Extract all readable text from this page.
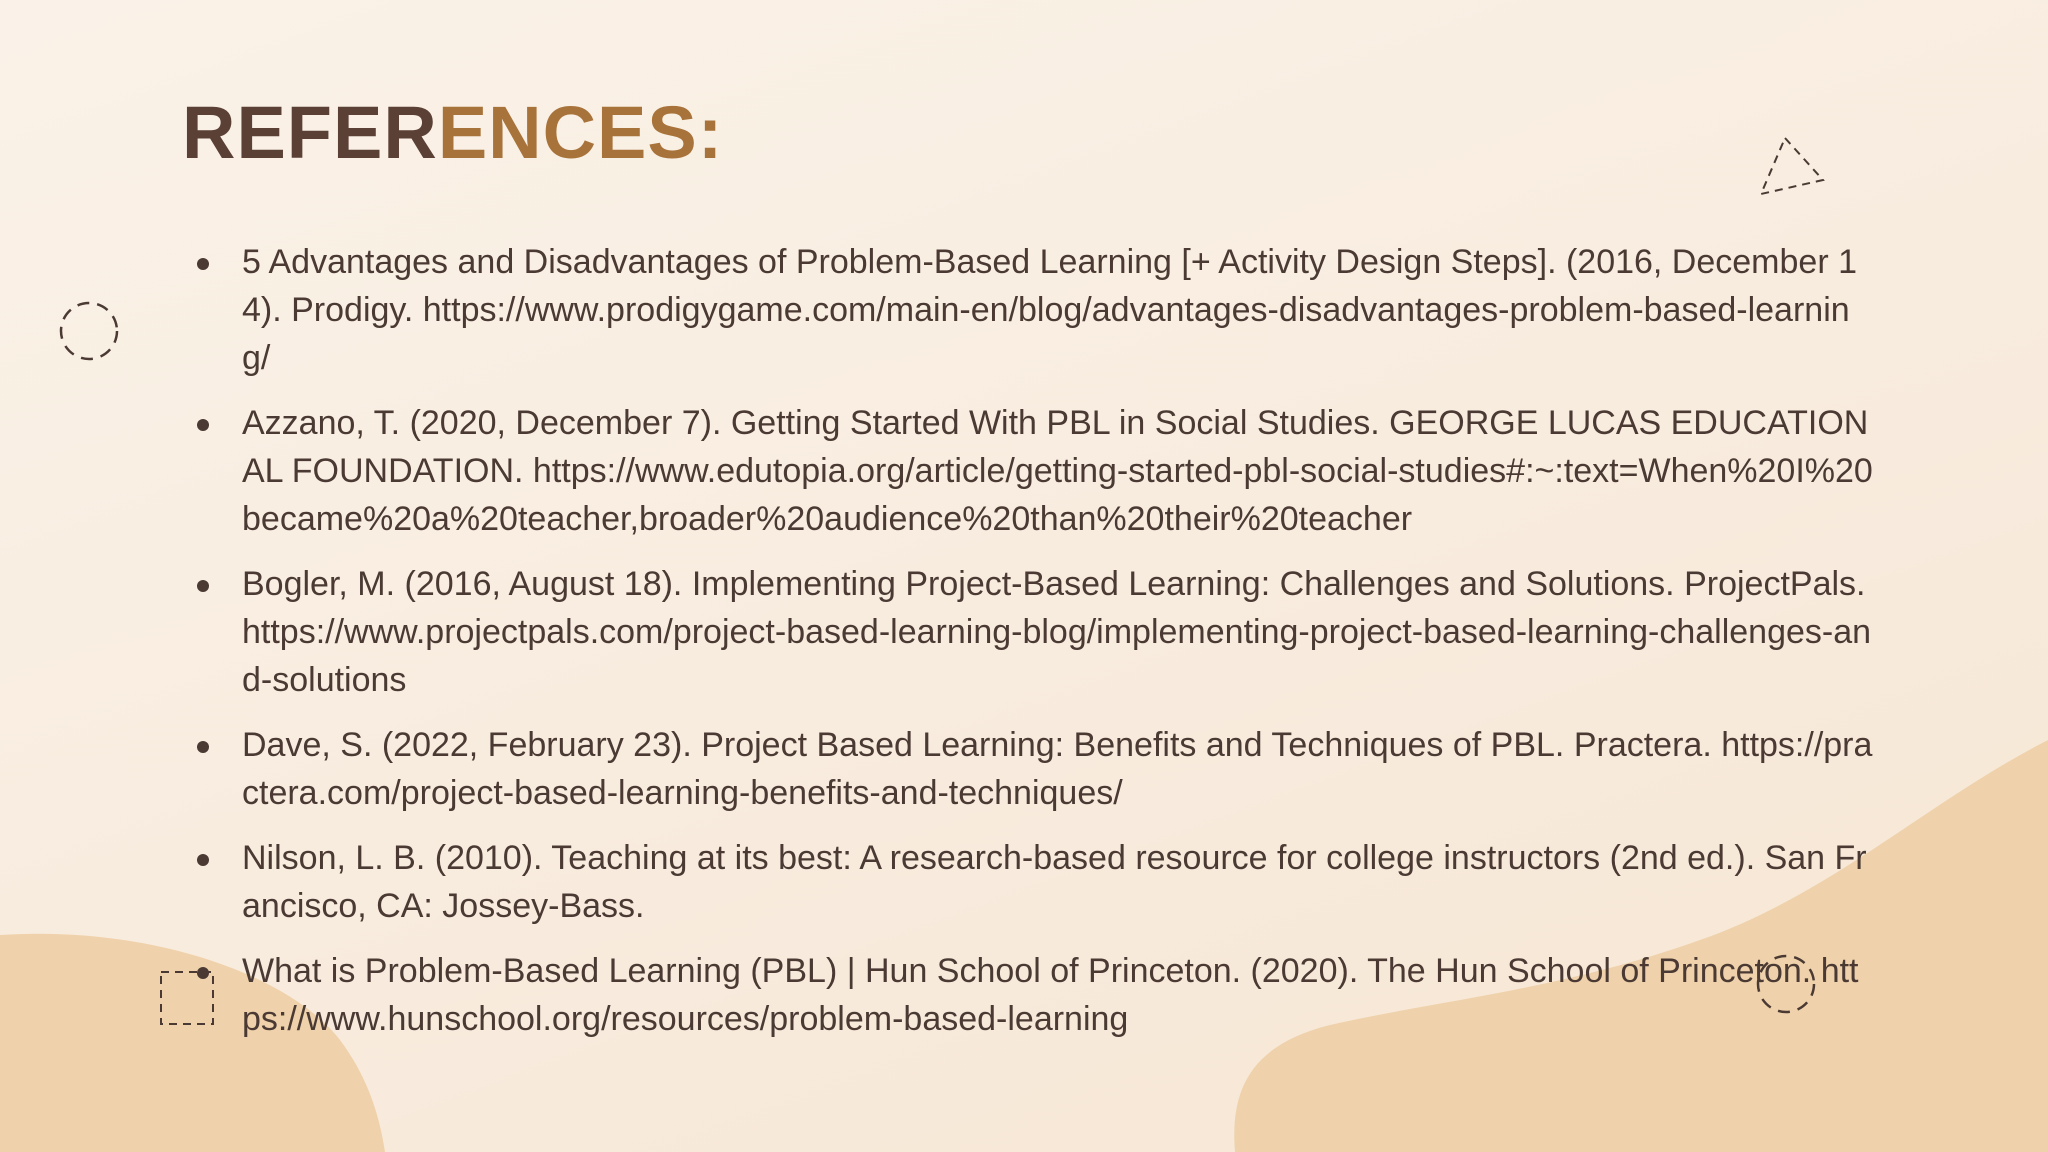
REFERENCES:
5 Advantages and Disadvantages of Problem-Based Learning [+ Activity Design Steps]. (2016, December 14). Prodigy. https://www.prodigygame.com/main-en/blog/advantages-disadvantages-problem-based-learning/
Azzano, T. (2020, December 7). Getting Started With PBL in Social Studies. GEORGE LUCAS EDUCATIONAL FOUNDATION. https://www.edutopia.org/article/getting-started-pbl-social-studies#:~:text=When%20I%20became%20a%20teacher,broader%20audience%20than%20their%20teacher
Bogler, M. (2016, August 18). Implementing Project-Based Learning: Challenges and Solutions. ProjectPals. https://www.projectpals.com/project-based-learning-blog/implementing-project-based-learning-challenges-and-solutions
Dave, S. (2022, February 23). Project Based Learning: Benefits and Techniques of PBL. Practera. https://practera.com/project-based-learning-benefits-and-techniques/
Nilson, L. B. (2010). Teaching at its best: A research-based resource for college instructors (2nd ed.). San Francisco, CA: Jossey-Bass.
What is Problem-Based Learning (PBL) | Hun School of Princeton. (2020). The Hun School of Princeton. https://www.hunschool.org/resources/problem-based-learning
